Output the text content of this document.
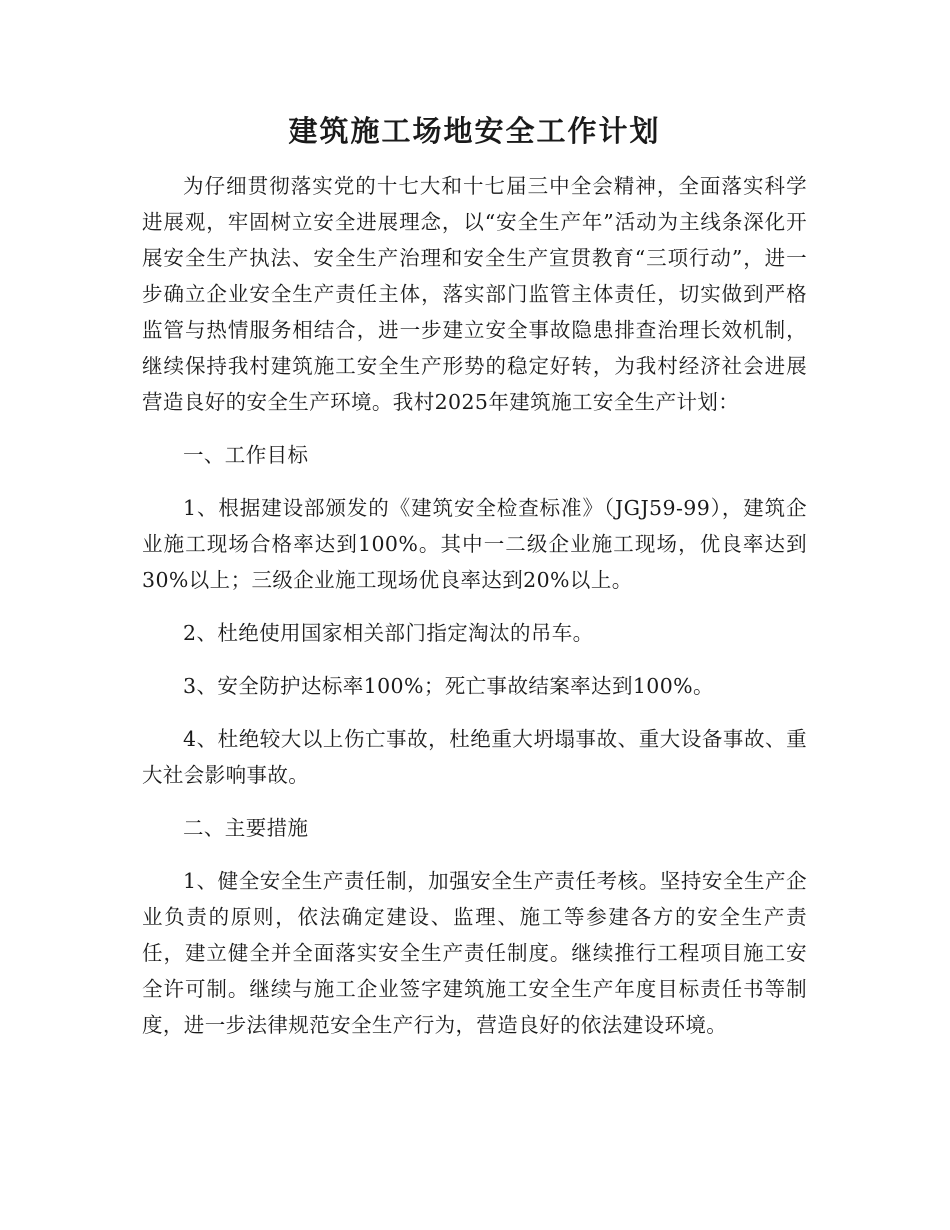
建筑施工场地安全工作计划

为仔细贯彻落实党的十七大和十七届三中全会精神，全面落实科学进展观，牢固树立安全进展理念，以“安全生产年”活动为主线条深化开展安全生产执法、安全生产治理和安全生产宣贯教育“三项行动”，进一步确立企业安全生产责任主体，落实部门监管主体责任，切实做到严格监管与热情服务相结合，进一步建立安全事故隐患排查治理长效机制，继续保持我村建筑施工安全生产形势的稳定好转，为我村经济社会进展营造良好的安全生产环境。我村2025年建筑施工安全生产计划：

一、工作目标

1、根据建设部颁发的《建筑安全检查标准》（JGJ59-99），建筑企业施工现场合格率达到100%。其中一二级企业施工现场，优良率达到30%以上；三级企业施工现场优良率达到20%以上。

2、杜绝使用国家相关部门指定淘汰的吊车。

3、安全防护达标率100%；死亡事故结案率达到100%。

4、杜绝较大以上伤亡事故，杜绝重大坍塌事故、重大设备事故、重大社会影响事故。

二、主要措施

1、健全安全生产责任制，加强安全生产责任考核。坚持安全生产企业负责的原则，依法确定建设、监理、施工等参建各方的安全生产责任，建立健全并全面落实安全生产责任制度。继续推行工程项目施工安全许可制。继续与施工企业签字建筑施工安全生产年度目标责任书等制度，进一步法律规范安全生产行为，营造良好的依法建设环境。
